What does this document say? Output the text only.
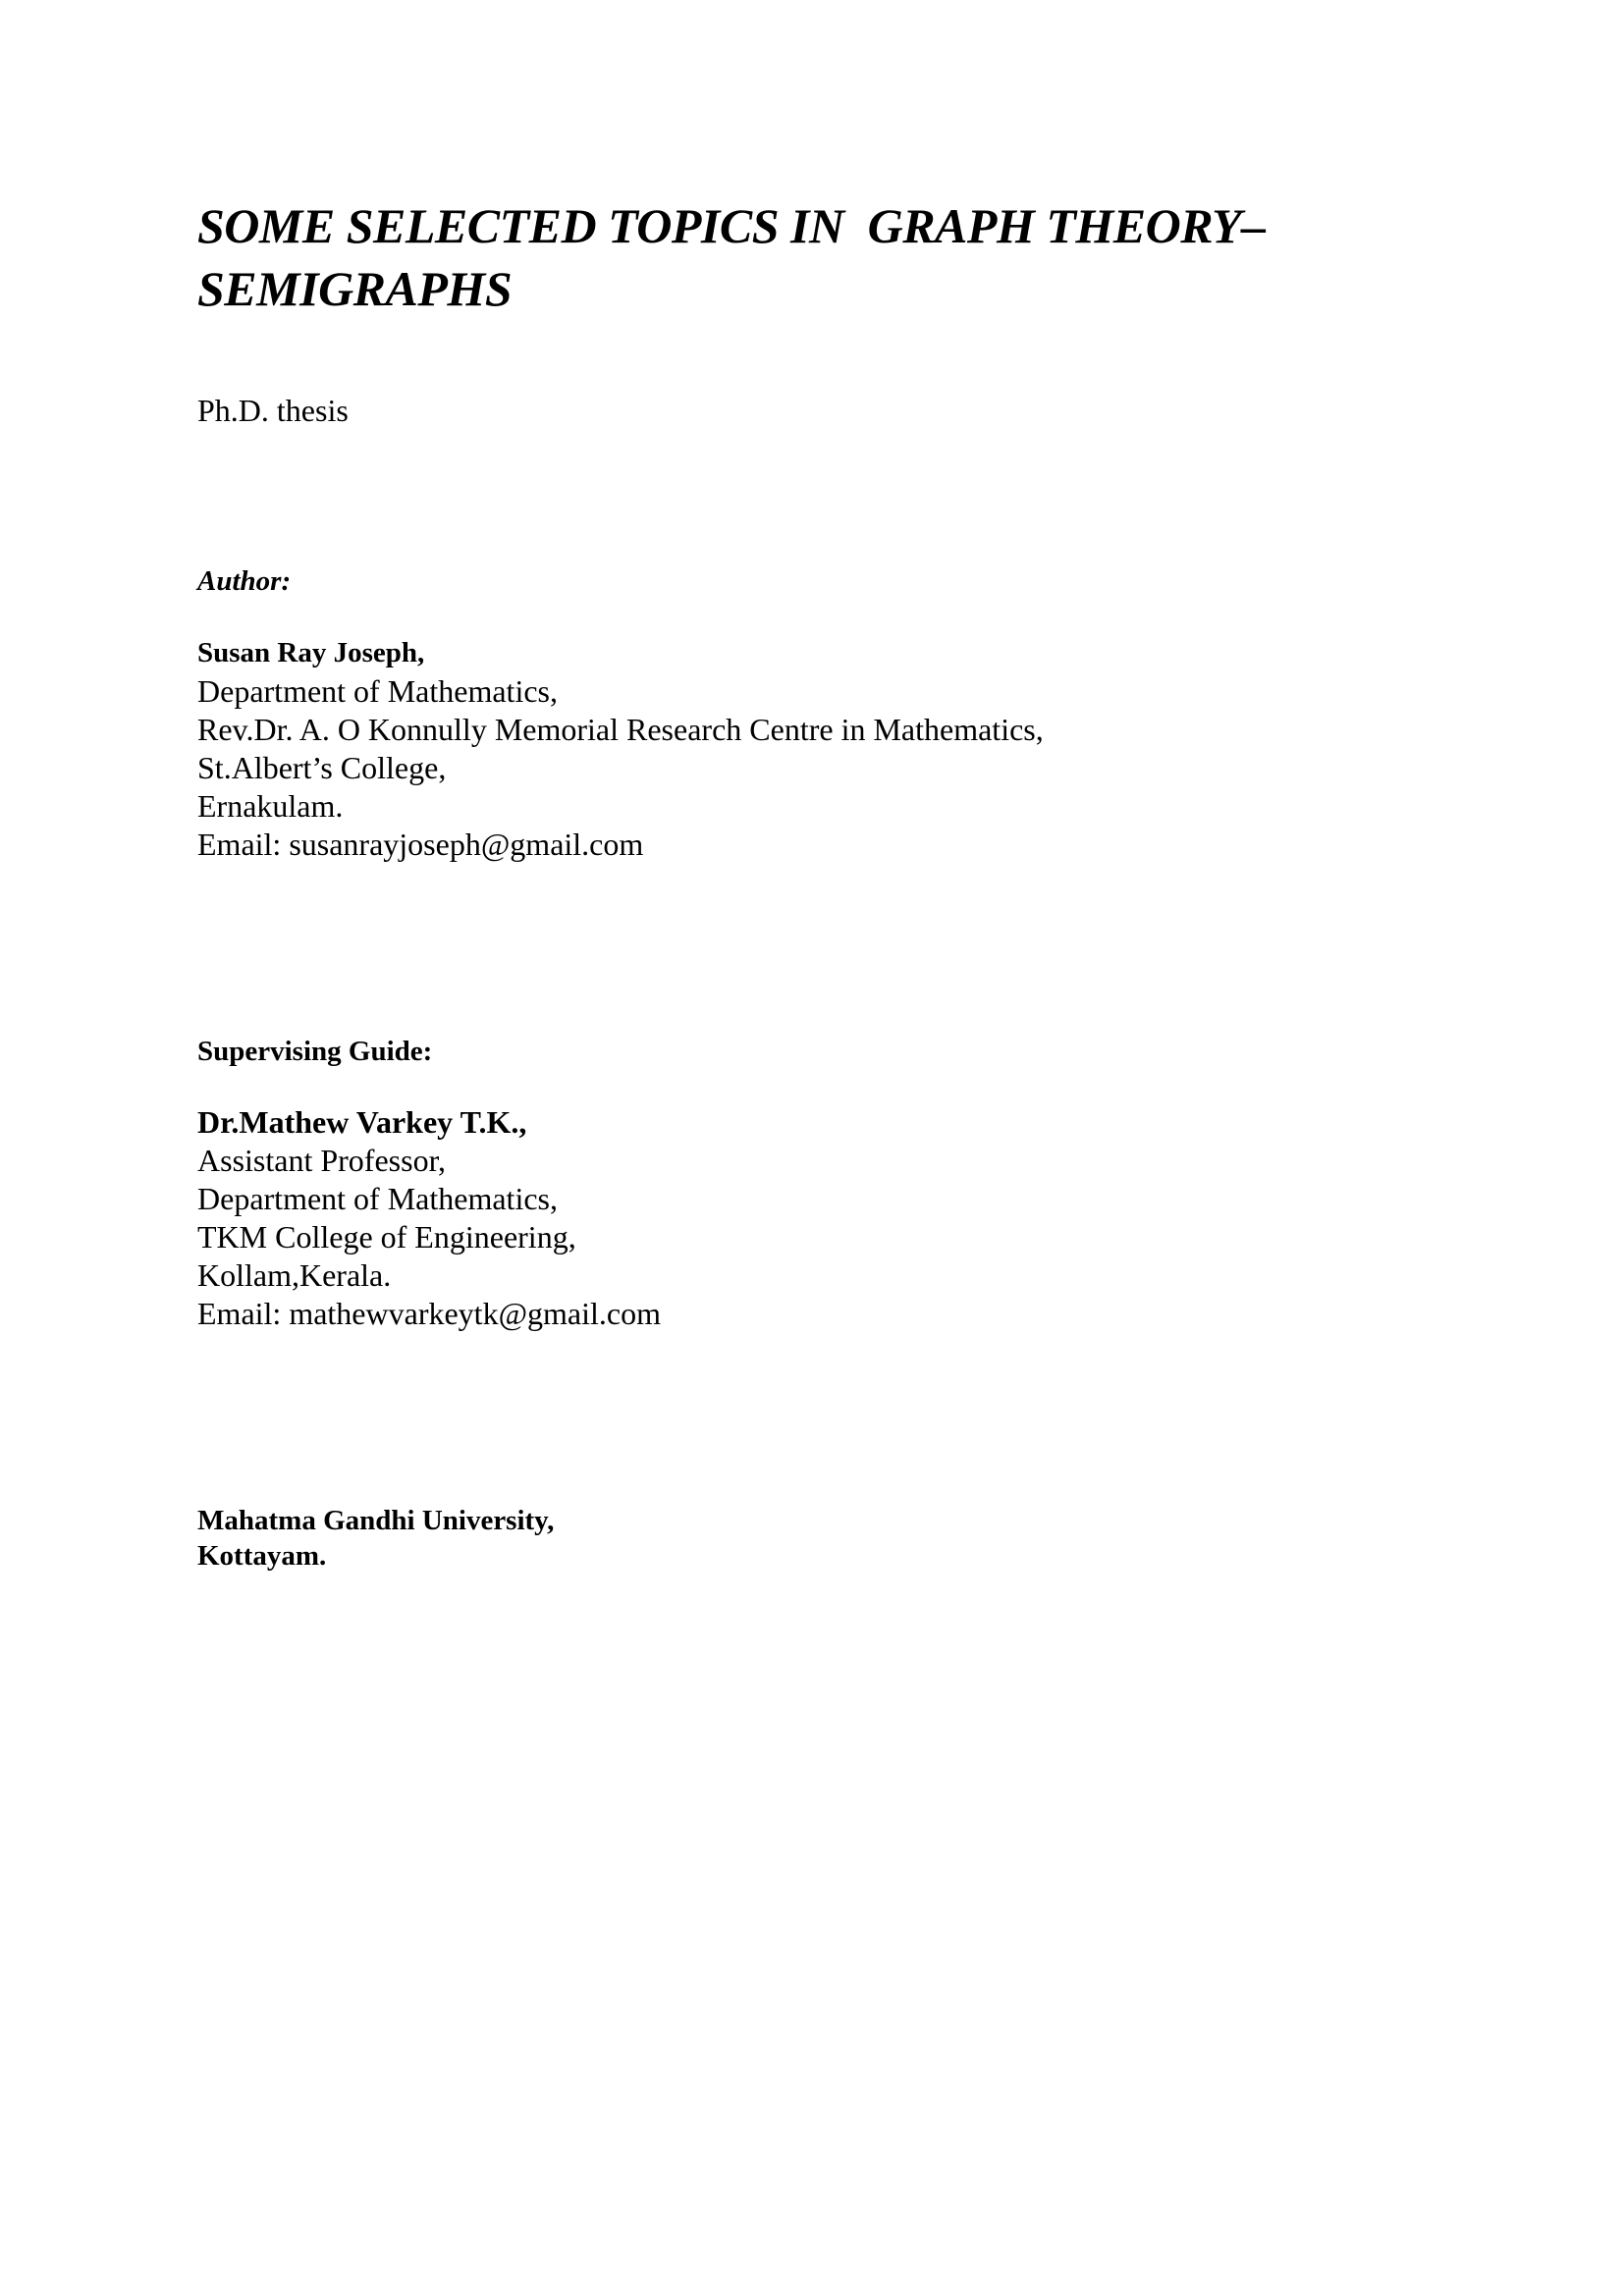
SOME SELECTED TOPICS IN  GRAPH THEORY–
SEMIGRAPHS
Ph.D. thesis
Author:
Susan Ray Joseph,
Department of Mathematics,
Rev.Dr. A. O Konnully Memorial Research Centre in Mathematics,
St.Albert’s College,
Ernakulam.
Email: susanrayjoseph@gmail.com
Supervising Guide:
Dr.Mathew Varkey T.K.,
Assistant Professor,
Department of Mathematics,
TKM College of Engineering,
Kollam,Kerala.
Email: mathewvarkeytk@gmail.com
Mahatma Gandhi University,
Kottayam.
